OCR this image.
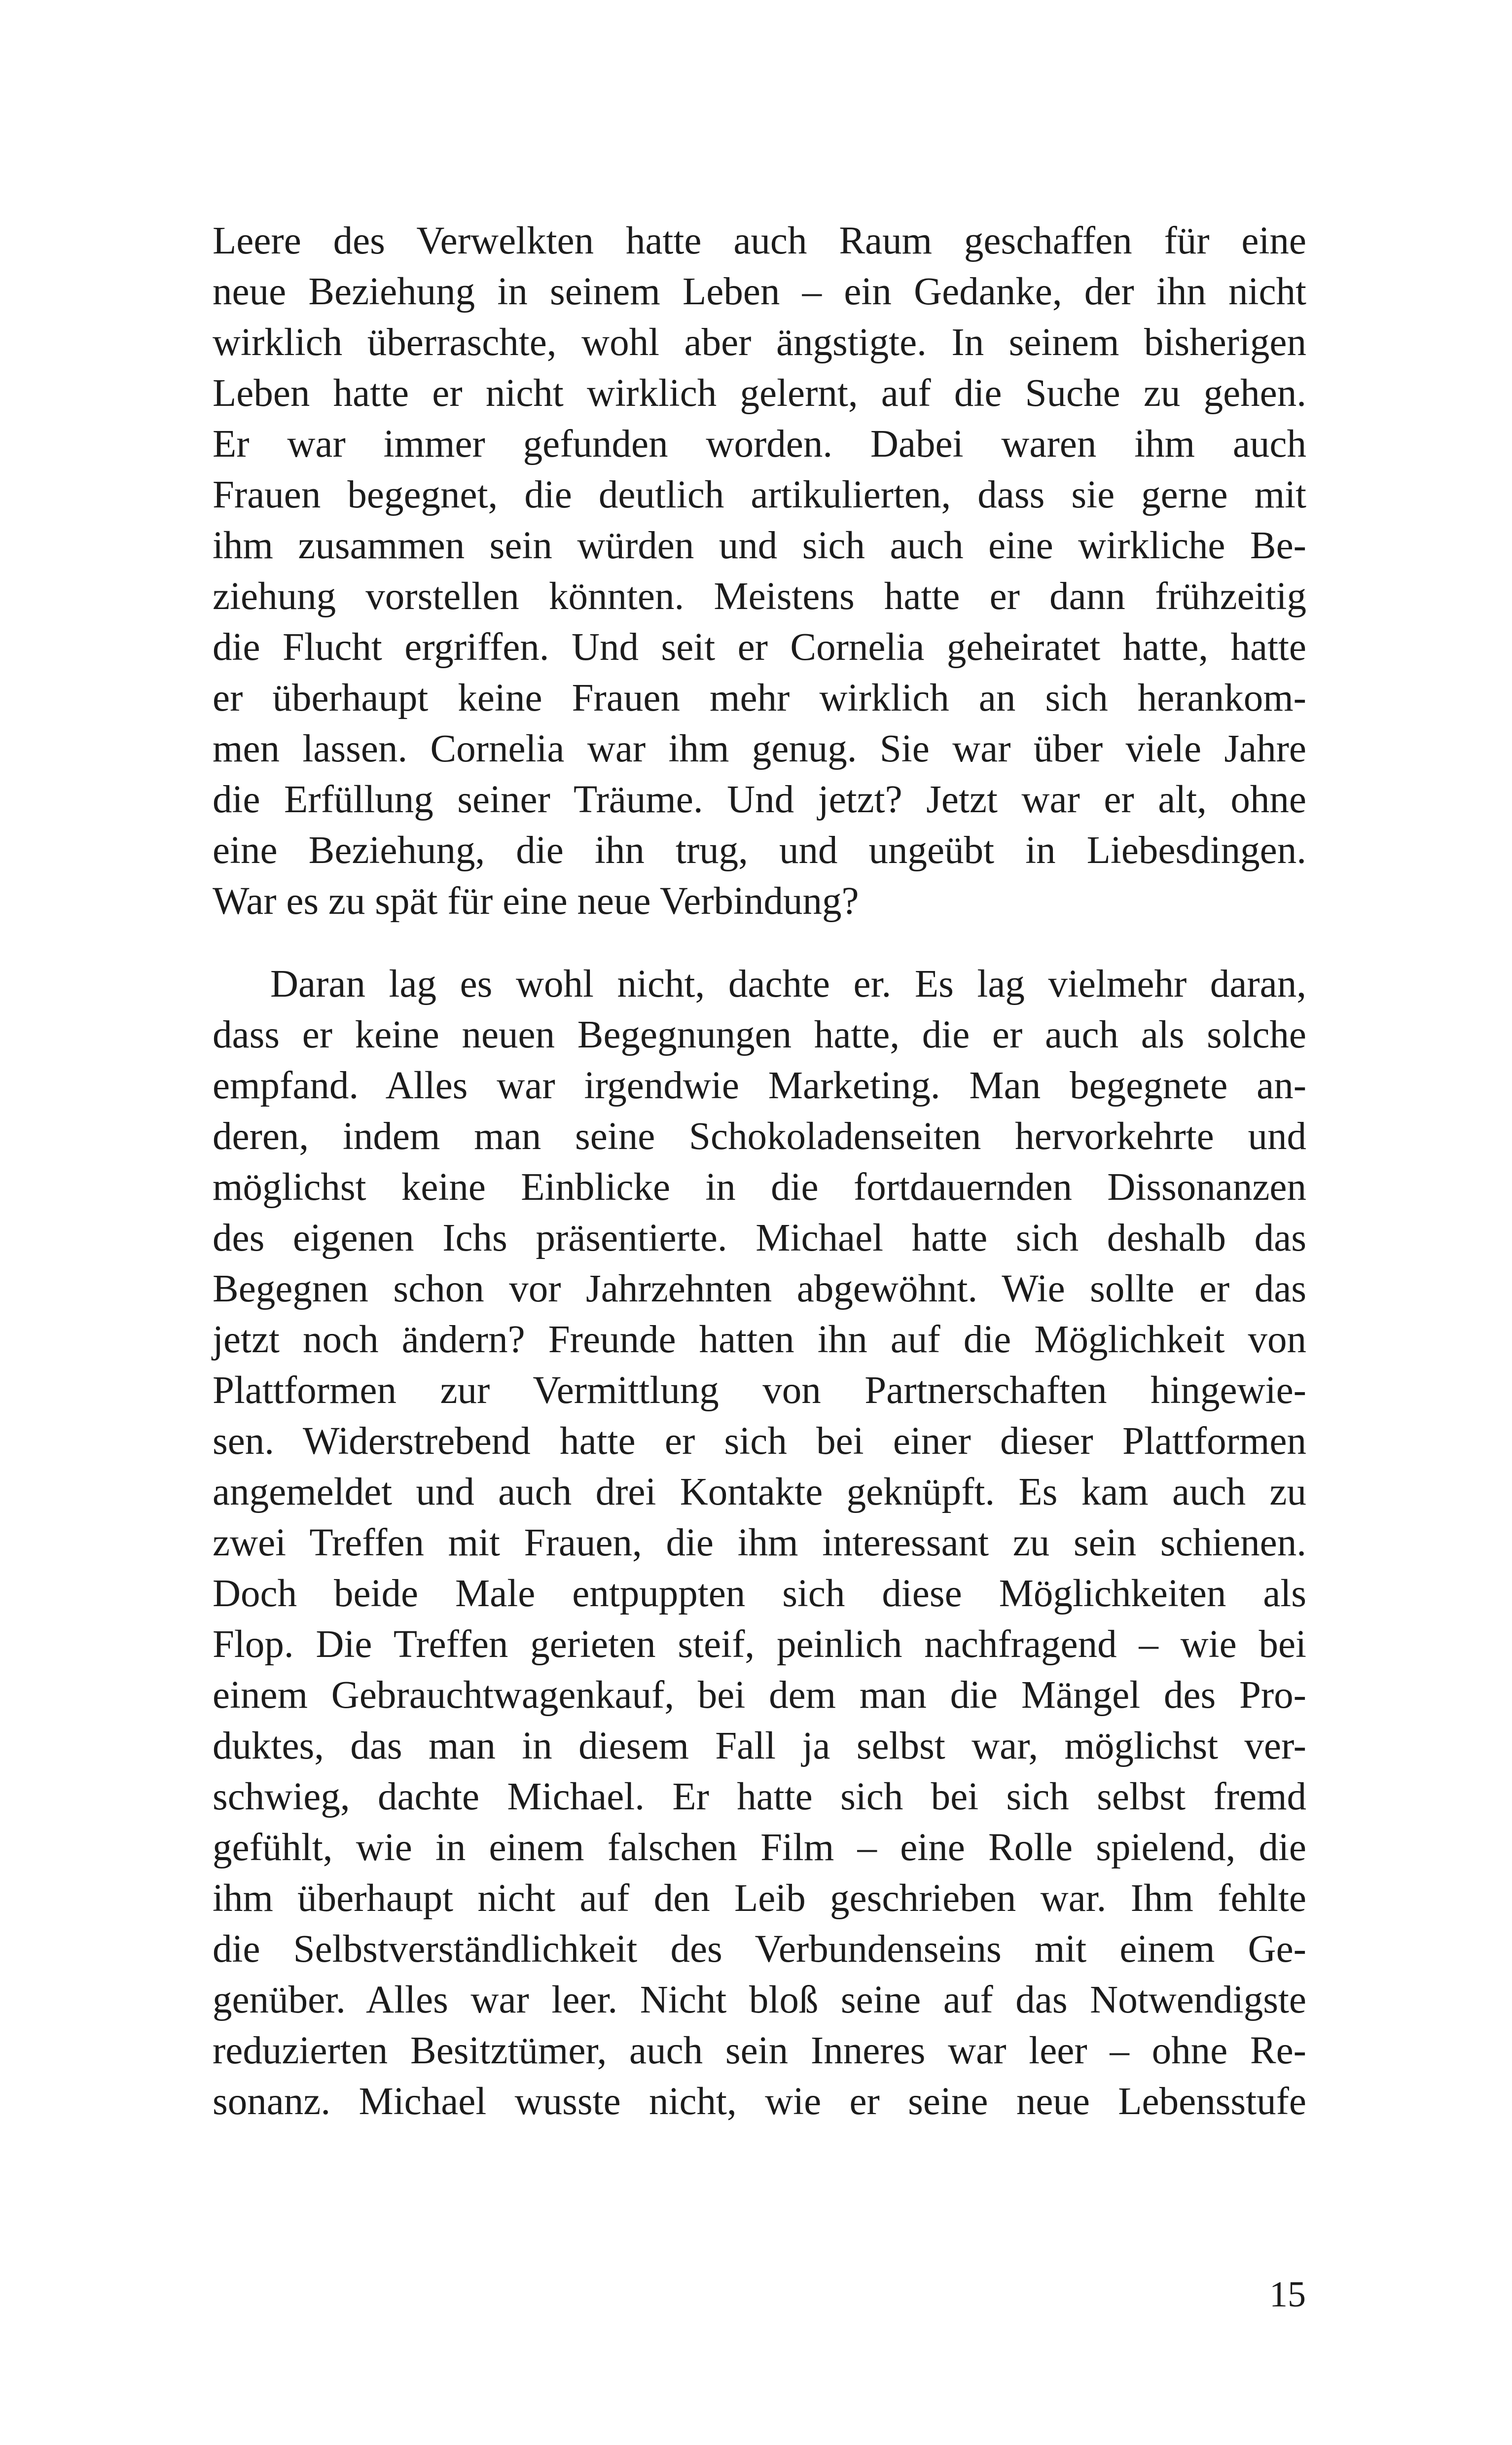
Leere des Verwelkten hatte auch Raum geschaffen für eine
neue Beziehung in seinem Leben – ein Gedanke, der ihn nicht
wirklich überraschte, wohl aber ängstigte. In seinem bisherigen
Leben hatte er nicht wirklich gelernt, auf die Suche zu gehen.
Er war immer gefunden worden. Dabei waren ihm auch
Frauen begegnet, die deutlich artikulierten, dass sie gerne mit
ihm zusammen sein würden und sich auch eine wirkliche Be-
ziehung vorstellen könnten. Meistens hatte er dann frühzeitig
die Flucht ergriffen. Und seit er Cornelia geheiratet hatte, hatte
er überhaupt keine Frauen mehr wirklich an sich herankom-
men lassen. Cornelia war ihm genug. Sie war über viele Jahre
die Erfüllung seiner Träume. Und jetzt? Jetzt war er alt, ohne
eine Beziehung, die ihn trug, und ungeübt in Liebesdingen.
War es zu spät für eine neue Verbindung?
Daran lag es wohl nicht, dachte er. Es lag vielmehr daran,
dass er keine neuen Begegnungen hatte, die er auch als solche
empfand. Alles war irgendwie Marketing. Man begegnete an-
deren, indem man seine Schokoladenseiten hervorkehrte und
möglichst keine Einblicke in die fortdauernden Dissonanzen
des eigenen Ichs präsentierte. Michael hatte sich deshalb das
Begegnen schon vor Jahrzehnten abgewöhnt. Wie sollte er das
jetzt noch ändern? Freunde hatten ihn auf die Möglichkeit von
Plattformen zur Vermittlung von Partnerschaften hingewie-
sen. Widerstrebend hatte er sich bei einer dieser Plattformen
angemeldet und auch drei Kontakte geknüpft. Es kam auch zu
zwei Treffen mit Frauen, die ihm interessant zu sein schienen.
Doch beide Male entpuppten sich diese Möglichkeiten als
Flop. Die Treffen gerieten steif, peinlich nachfragend – wie bei
einem Gebrauchtwagenkauf, bei dem man die Mängel des Pro-
duktes, das man in diesem Fall ja selbst war, möglichst ver-
schwieg, dachte Michael. Er hatte sich bei sich selbst fremd
gefühlt, wie in einem falschen Film – eine Rolle spielend, die
ihm überhaupt nicht auf den Leib geschrieben war. Ihm fehlte
die Selbstverständlichkeit des Verbundenseins mit einem Ge-
genüber. Alles war leer. Nicht bloß seine auf das Notwendigste
reduzierten Besitztümer, auch sein Inneres war leer – ohne Re-
sonanz. Michael wusste nicht, wie er seine neue Lebensstufe
15
